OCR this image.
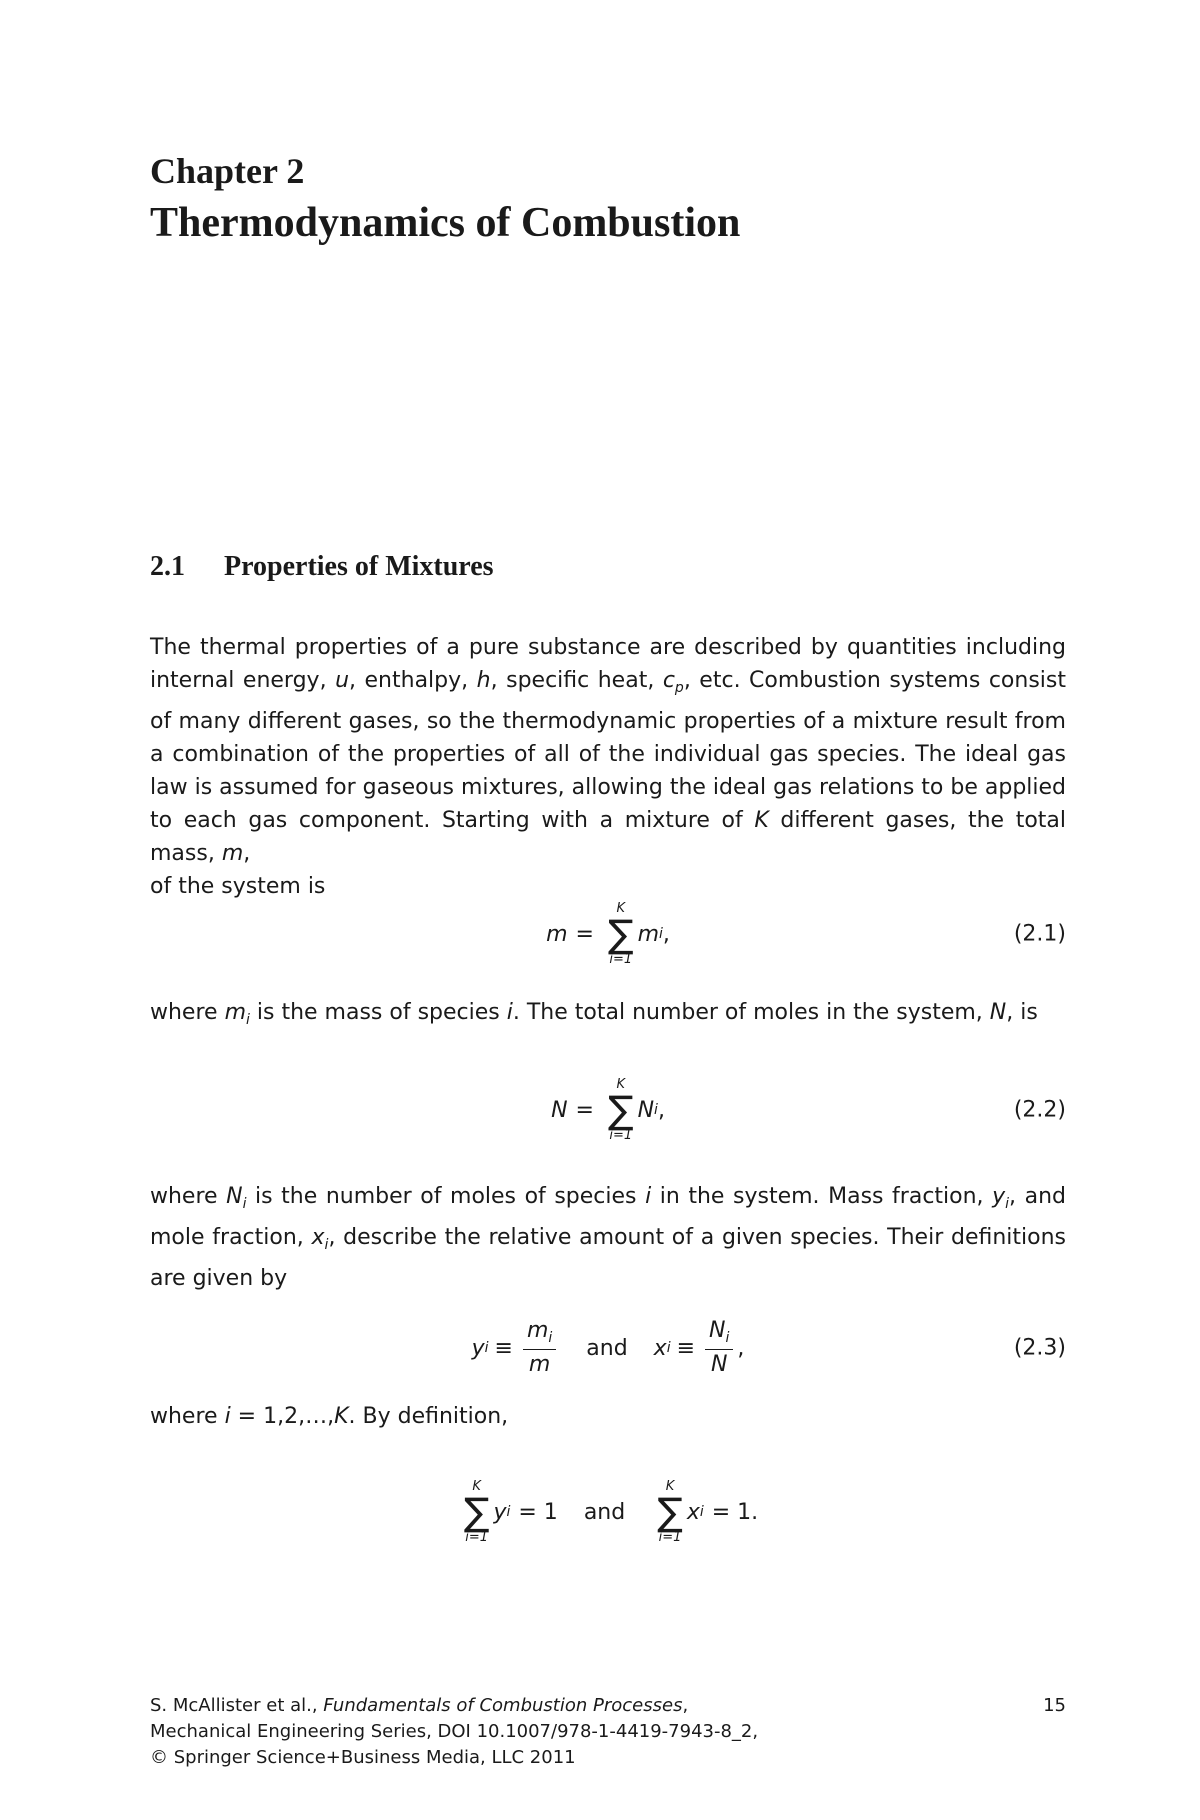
Chapter 2
Thermodynamics of Combustion
2.1 Properties of Mixtures

The thermal properties of a pure substance are described by quantities including internal energy, u, enthalpy, h, specific heat, $c_p$, etc. Combustion systems consist of many different gases, so the thermodynamic properties of a mixture result from a combination of the properties of all of the individual gas species. The ideal gas law is assumed for gaseous mixtures, allowing the ideal gas relations to be applied to each gas component. Starting with a mixture of K different gases, the total mass, m,
of the system is

m =
K
∑
i=1
m i ,	(2.1)

where $m_i$ is the mass of species i. The total number of moles in the system, N, is

N =
K
∑
i=1
N i ,	(2.2)

where $N_i$ is the number of moles of species i in the system. Mass fraction, $y_i$, and mole fraction, $x_i$, describe the relative amount of a given species. Their definitions are given by

y $i \equiv \frac{m_i}{m}$ and x $i \equiv \frac{N_i}{N}$ ,	(2.3)

where i = 1,2,…,K. By definition,

K
∑
i=1
y i = 1 and
K
∑
i=1
x i = 1.

S. McAllister et al., Fundamentals of Combustion Processes,

Mechanical Engineering Series, DOI 10.1007/978-1-4419-7943-8_2,

© Springer Science+Business Media, LLC 2011

15
